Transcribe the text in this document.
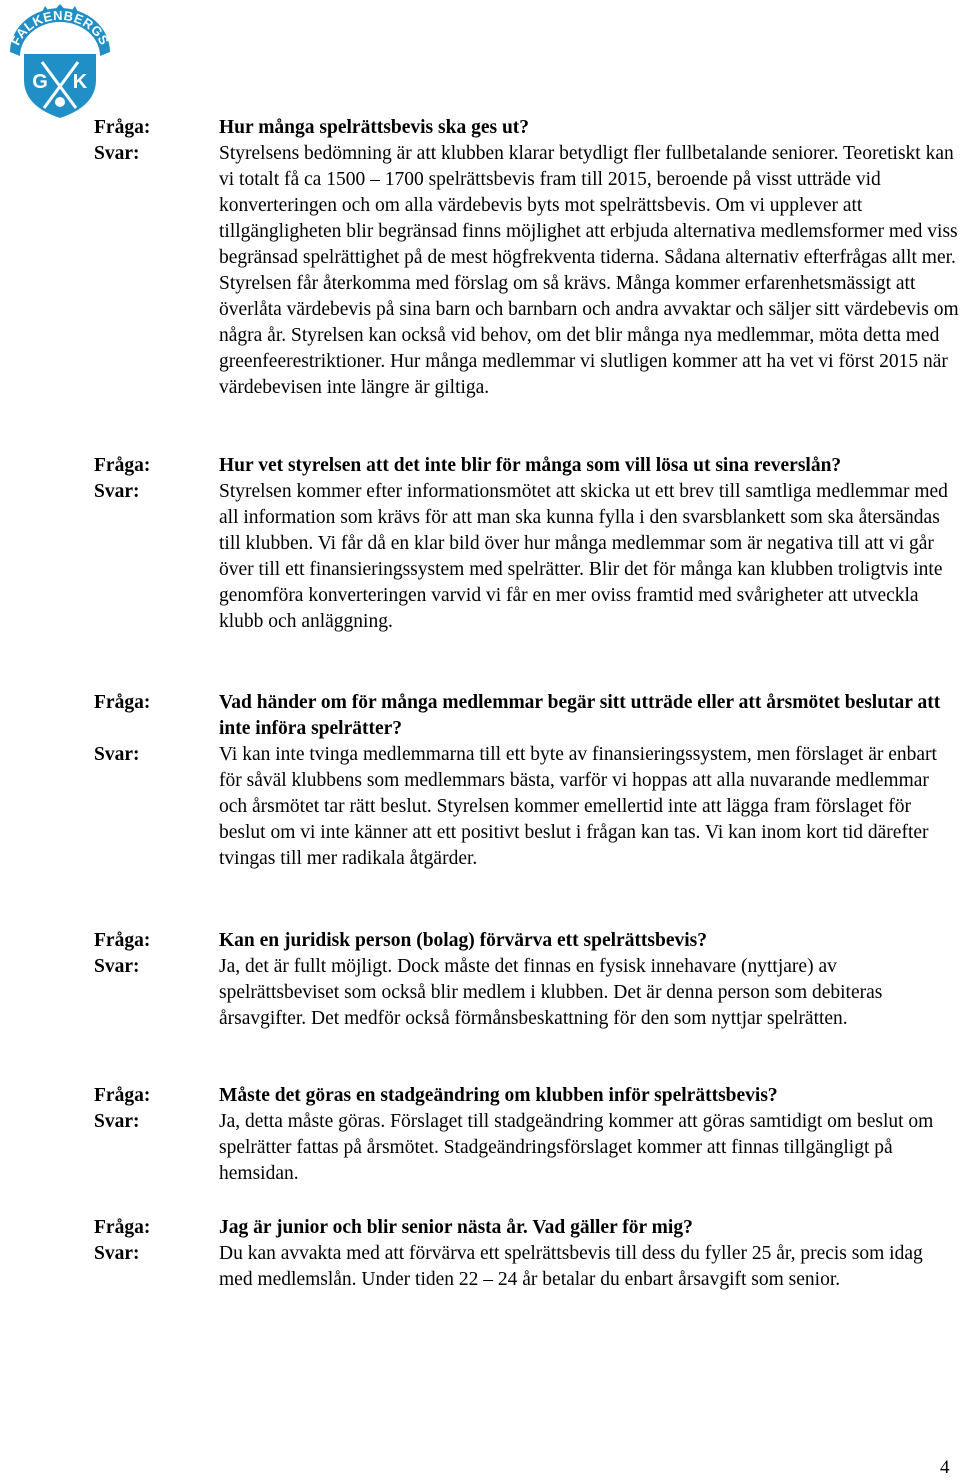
FALKENBERGS
G K
Fråga:
Svar:
Hur många spelrättsbevis ska ges ut?
Styrelsens bedömning är att klubben klarar betydligt fler fullbetalande seniorer. Teoretiskt kan vi totalt få ca 1500 – 1700 spelrättsbevis fram till 2015, beroende på visst utträde vid konverteringen och om alla värdebevis byts mot spelrättsbevis. Om vi upplever att tillgängligheten blir begränsad finns möjlighet att erbjuda alternativa medlemsformer med viss begränsad spelrättighet på de mest högfrekventa tiderna. Sådana alternativ efterfrågas allt mer. Styrelsen får återkomma med förslag om så krävs. Många kommer erfarenhetsmässigt att överlåta värdebevis på sina barn och barnbarn och andra avvaktar och säljer sitt värdebevis om några år. Styrelsen kan också vid behov, om det blir många nya medlemmar, möta detta med greenfeerestriktioner. Hur många medlemmar vi slutligen kommer att ha vet vi först 2015 när värdebevisen inte längre är giltiga.
Fråga:
Svar:
Hur vet styrelsen att det inte blir för många som vill lösa ut sina reverslån?
Styrelsen kommer efter informationsmötet att skicka ut ett brev till samtliga medlemmar med all information som krävs för att man ska kunna fylla i den svarsblankett som ska återsändas till klubben. Vi får då en klar bild över hur många medlemmar som är negativa till att vi går över till ett finansieringssystem med spelrätter. Blir det för många kan klubben troligtvis inte genomföra konverteringen varvid vi får en mer oviss framtid med svårigheter att utveckla klubb och anläggning.
Fråga:
Svar:
Vad händer om för många medlemmar begär sitt utträde eller att årsmötet beslutar att inte införa spelrätter?
Vi kan inte tvinga medlemmarna till ett byte av finansieringssystem, men förslaget är enbart för såväl klubbens som medlemmars bästa, varför vi hoppas att alla nuvarande medlemmar och årsmötet tar rätt beslut. Styrelsen kommer emellertid inte att lägga fram förslaget för beslut om vi inte känner att ett positivt beslut i frågan kan tas. Vi kan inom kort tid därefter tvingas till mer radikala åtgärder.
Fråga:
Svar:
Kan en juridisk person (bolag) förvärva ett spelrättsbevis?
Ja, det är fullt möjligt. Dock måste det finnas en fysisk innehavare (nyttjare) av spelrättsbeviset som också blir medlem i klubben. Det är denna person som debiteras årsavgifter. Det medför också förmånsbeskattning för den som nyttjar spelrätten.
Fråga:
Svar:
Måste det göras en stadgeändring om klubben inför spelrättsbevis?
Ja, detta måste göras. Förslaget till stadgeändring kommer att göras samtidigt om beslut om spelrätter fattas på årsmötet. Stadgeändringsförslaget kommer att finnas tillgängligt på hemsidan.
Fråga:
Svar:
Jag är junior och blir senior nästa år. Vad gäller för mig?
Du kan avvakta med att förvärva ett spelrättsbevis till dess du fyller 25 år, precis som idag med medlemslån. Under tiden 22 – 24 år betalar du enbart årsavgift som senior.
4
